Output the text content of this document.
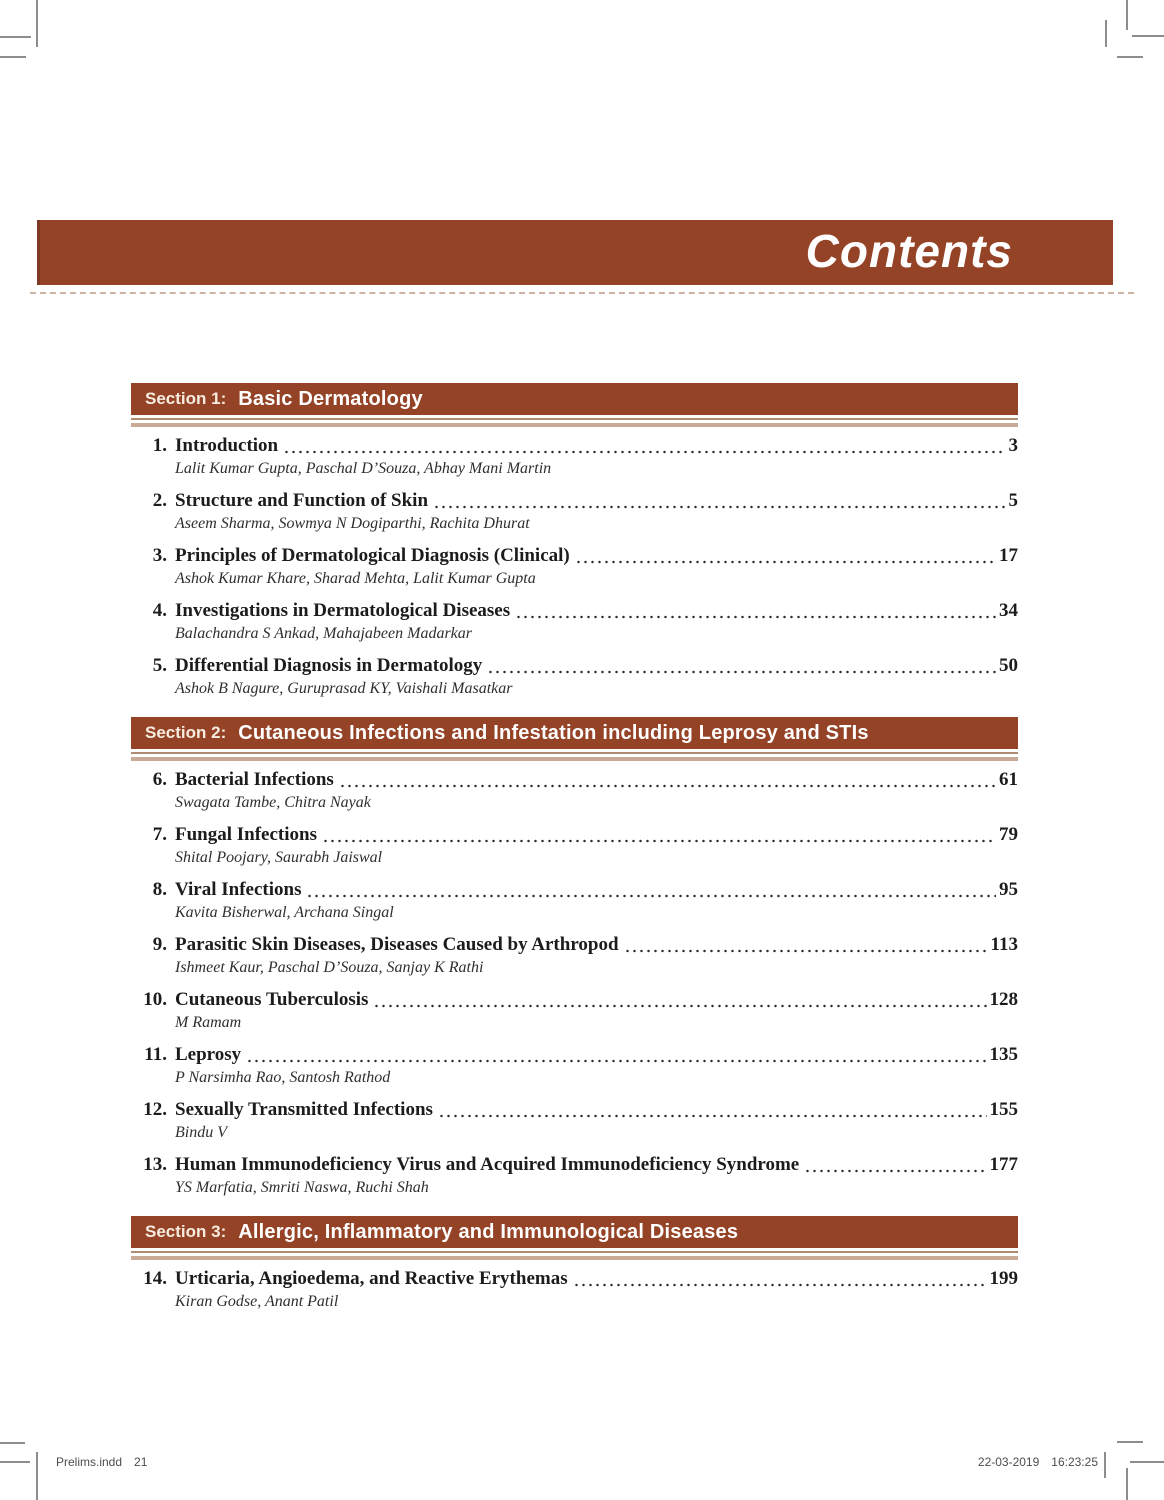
Contents
Section 1: Basic Dermatology
1. Introduction	3
Lalit Kumar Gupta, Paschal D’Souza, Abhay Mani Martin
2. Structure and Function of Skin	5
Aseem Sharma, Sowmya N Dogiparthi, Rachita Dhurat
3. Principles of Dermatological Diagnosis (Clinical)	17
Ashok Kumar Khare, Sharad Mehta, Lalit Kumar Gupta
4. Investigations in Dermatological Diseases	34
Balachandra S Ankad, Mahajabeen Madarkar
5. Differential Diagnosis in Dermatology	50
Ashok B Nagure, Guruprasad KY, Vaishali Masatkar
Section 2: Cutaneous Infections and Infestation including Leprosy and STIs
6. Bacterial Infections	61
Swagata Tambe, Chitra Nayak
7. Fungal Infections	79
Shital Poojary, Saurabh Jaiswal
8. Viral Infections	95
Kavita Bisherwal, Archana Singal
9. Parasitic Skin Diseases, Diseases Caused by Arthropod	113
Ishmeet Kaur, Paschal D’Souza, Sanjay K Rathi
10. Cutaneous Tuberculosis	128
M Ramam
11. Leprosy	135
P Narsimha Rao, Santosh Rathod
12. Sexually Transmitted Infections	155
Bindu V
13. Human Immunodeficiency Virus and Acquired Immunodeficiency Syndrome	177
YS Marfatia, Smriti Naswa, Ruchi Shah
Section 3: Allergic, Inflammatory and Immunological Diseases
14. Urticaria, Angioedema, and Reactive Erythemas	199
Kiran Godse, Anant Patil
Prelims.indd 21	22-03-2019 16:23:25
